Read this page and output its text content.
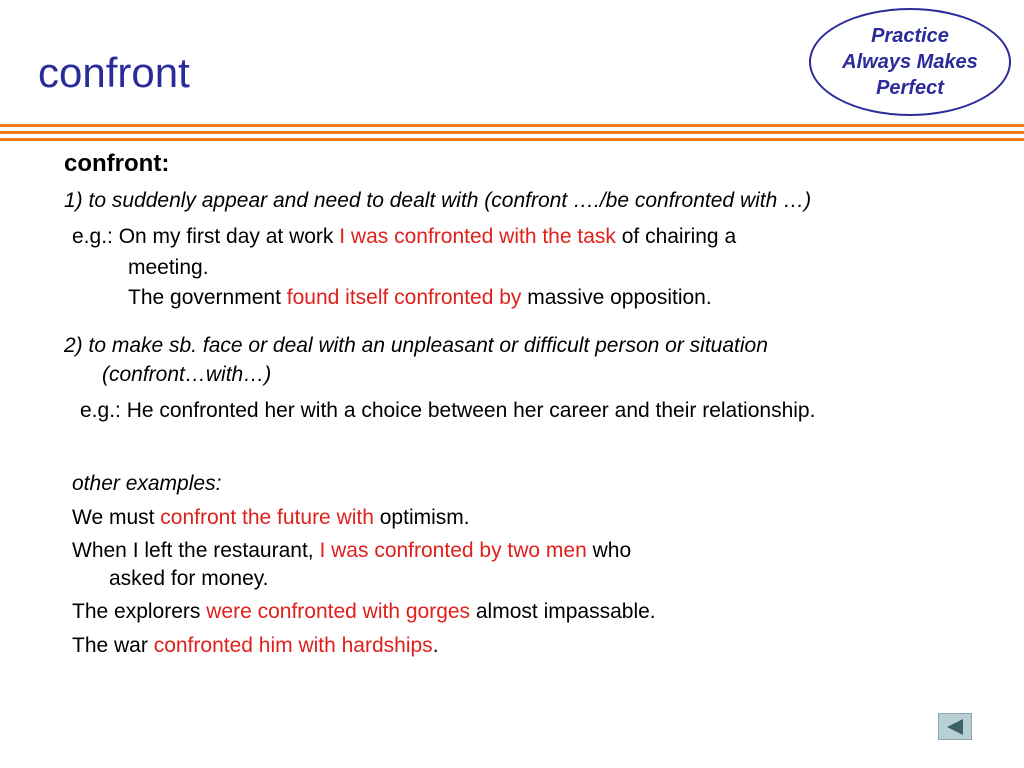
confront
Practice
Always Makes
Perfect
confront:
1) to suddenly appear and need to dealt with (confront …./be confronted with …)
e.g.: On my first day at work I was confronted with the task of chairing a
meeting.
The government found itself confronted by massive opposition.
2) to make sb. face or deal with an unpleasant or difficult person or situation
(confront…with…)
e.g.: He confronted her with a choice between her career and their relationship.
other examples:
We must confront the future with optimism.
When I left the restaurant, I was confronted by two men who
asked for money.
The explorers were confronted with gorges almost impassable.
The war confronted him with hardships.
